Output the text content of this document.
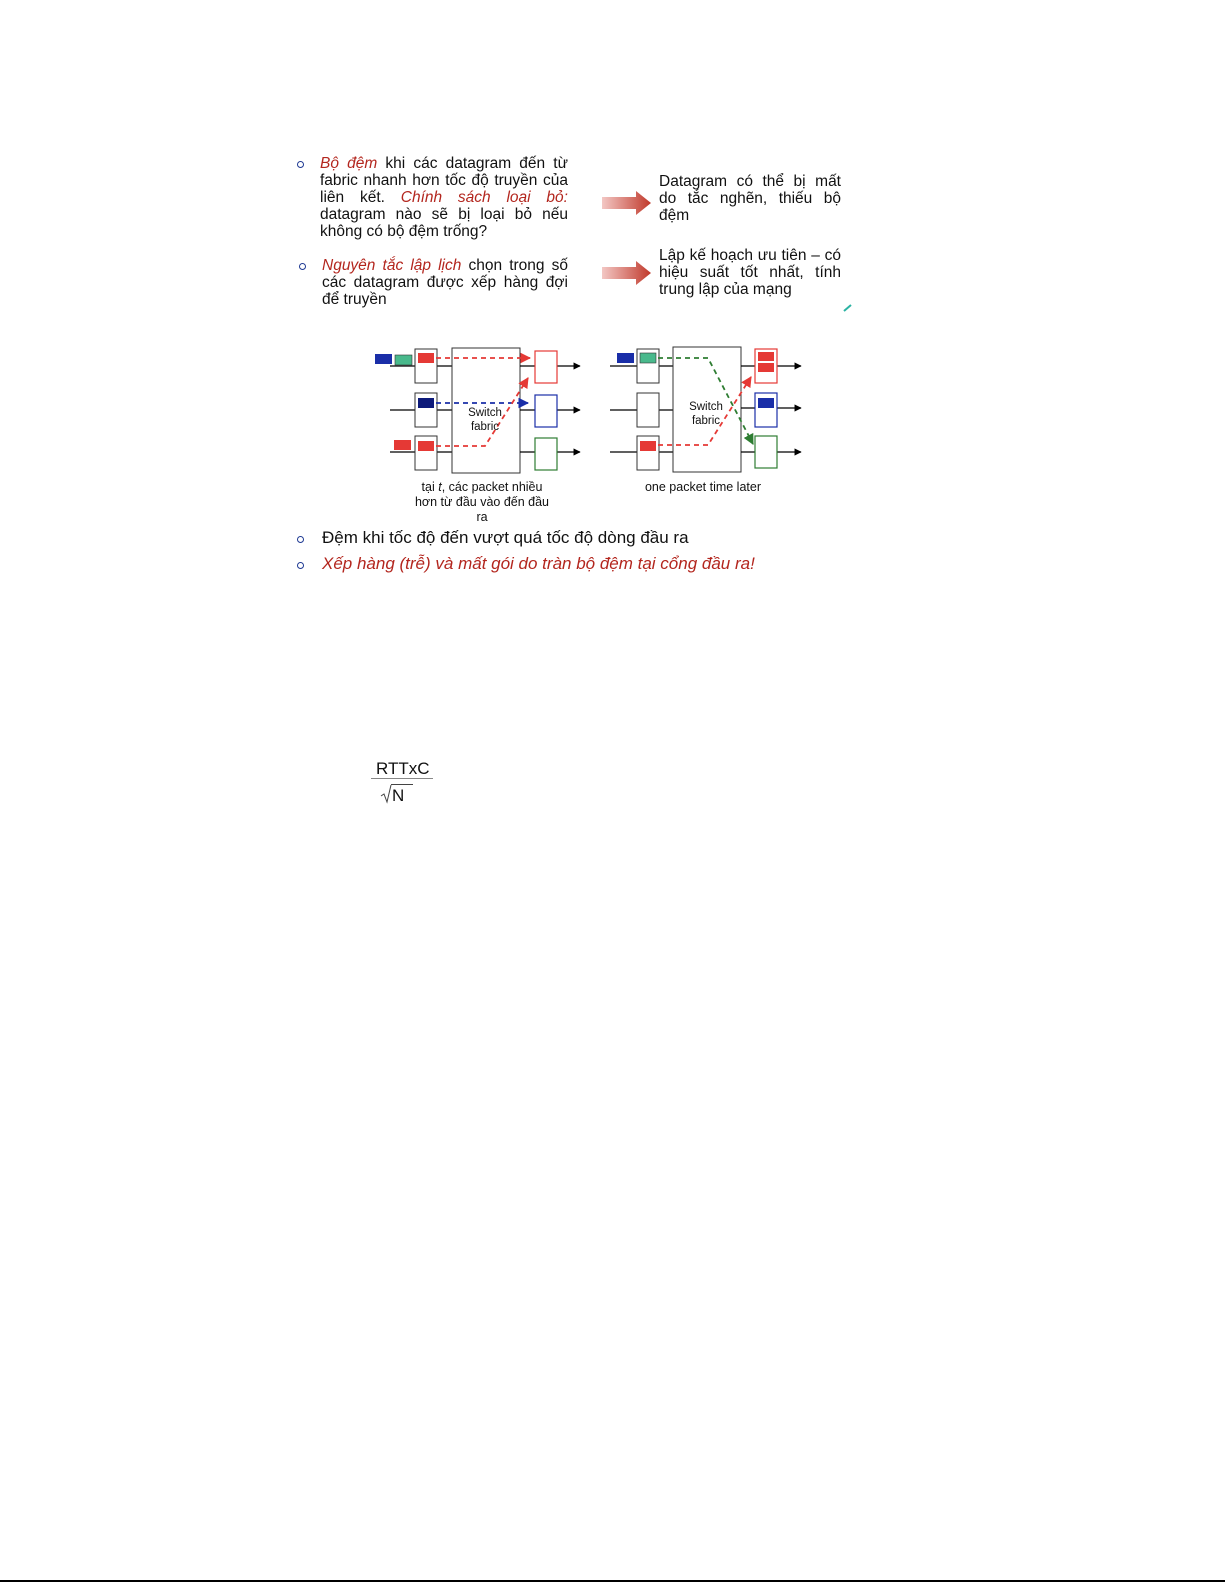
Bộ đệm khi các datagram đến từ fabric nhanh hơn tốc độ truyền của liên kết. Chính sách loại bỏ: datagram nào sẽ bị loại bỏ nếu không có bộ đệm trống?
Datagram có thể bị mất do tắc nghẽn, thiếu bộ đệm
Nguyên tắc lập lịch chọn trong số các datagram được xếp hàng đợi để truyền
Lập kế hoạch ưu tiên – có hiệu suất tốt nhất, tính trung lập của mạng
Switch
fabric
Switch
fabric
tại t, các packet nhiều hơn từ đầu vào đến đầu ra
one packet time later
Đệm khi tốc độ đến vượt quá tốc độ dòng đầu ra
Xếp hàng (trễ) và mất gói do tràn bộ đệm tại cổng đầu ra!
RTTxC
N
